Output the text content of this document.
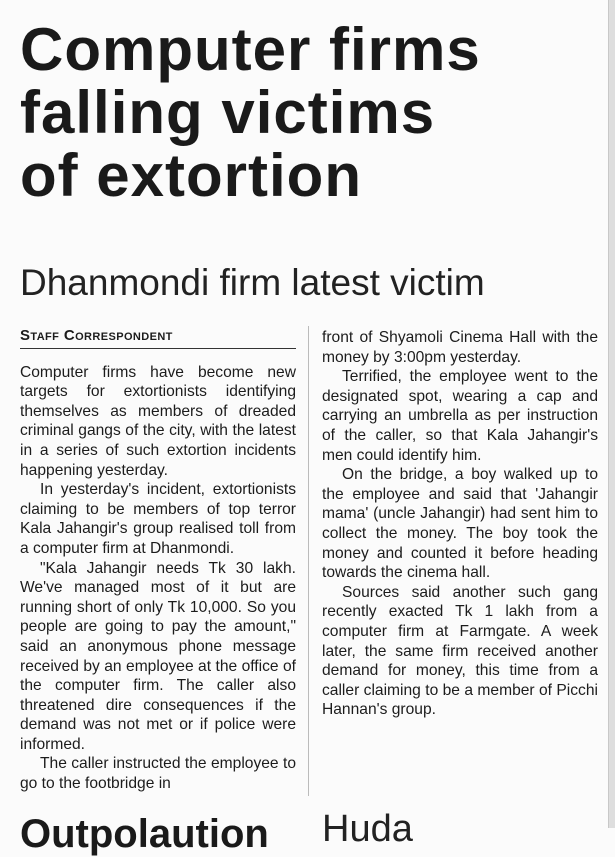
Computer firms
falling victims
of extortion
Dhanmondi firm latest victim

Staff Correspondent

Computer firms have become new targets for extortionists identifying themselves as members of dreaded criminal gangs of the city, with the latest in a series of such extortion incidents happening yesterday.

In yesterday's incident, extortionists claiming to be members of top terror Kala Jahangir's group realised toll from a computer firm at Dhanmondi.

"Kala Jahangir needs Tk 30 lakh. We've managed most of it but are running short of only Tk 10,000. So you people are going to pay the amount," said an anonymous phone message received by an employee at the office of the computer firm. The caller also threatened dire consequences if the demand was not met or if police were informed.

The caller instructed the employee to go to the footbridge in

front of Shyamoli Cinema Hall with the money by 3:00pm yesterday.

Terrified, the employee went to the designated spot, wearing a cap and carrying an umbrella as per instruction of the caller, so that Kala Jahangir's men could identify him.

On the bridge, a boy walked up to the employee and said that 'Jahangir mama' (uncle Jahangir) had sent him to collect the money. The boy took the money and counted it before heading towards the cinema hall.

Sources said another such gang recently exacted Tk 1 lakh from a computer firm at Farmgate. A week later, the same firm received another demand for money, this time from a caller claiming to be a member of Picchi Hannan's group.

Outpolaution Huda
